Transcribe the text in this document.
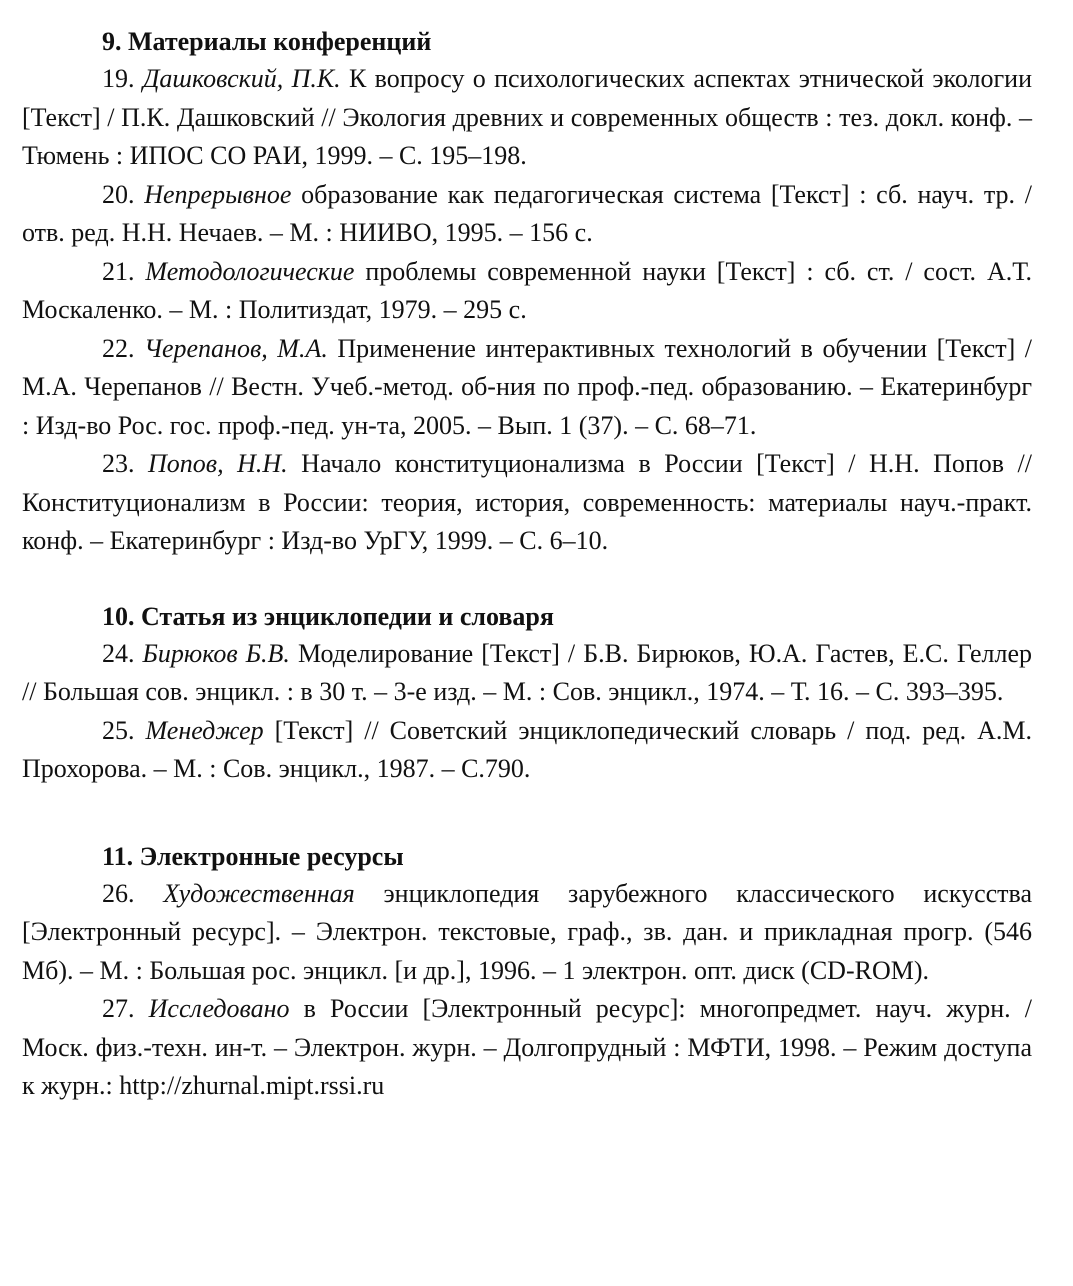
9. Материалы конференций

19. Дашковский, П.К. К вопросу о психологических аспектах этнической экологии [Текст] / П.К. Дашковский // Экология древних и современных обществ : тез. докл. конф. – Тюмень : ИПОС СО РАИ, 1999. – С. 195–198.

20. Непрерывное образование как педагогическая система [Текст] : сб. науч. тр. / отв. ред. Н.Н. Нечаев. – М. : НИИВО, 1995. – 156 с.

21. Методологические проблемы современной науки [Текст] : сб. ст. / сост. А.Т. Москаленко. – М. : Политиздат, 1979. – 295 с.

22. Черепанов, М.А. Применение интерактивных технологий в обучении [Текст] / М.А. Черепанов // Вестн. Учеб.-метод. об-ния по проф.-пед. образованию. – Екатеринбург : Изд-во Рос. гос. проф.-пед. ун-та, 2005. – Вып. 1 (37). – С. 68–71.

23. Попов, Н.Н. Начало конституционализма в России [Текст] / Н.Н. Попов // Конституционализм в России: теория, история, современность: материалы науч.-практ. конф. – Екатеринбург : Изд-во УрГУ, 1999. – С. 6–10.

10. Статья из энциклопедии и словаря

24. Бирюков Б.В. Моделирование [Текст] / Б.В. Бирюков, Ю.А. Гастев, Е.С. Геллер // Большая сов. энцикл. : в 30 т. – 3-е изд. – М. : Сов. энцикл., 1974. – Т. 16. – С. 393–395.

25. Менеджер [Текст] // Советский энциклопедический словарь / под. ред. А.М. Прохорова. – М. : Сов. энцикл., 1987. – С.790.

11. Электронные ресурсы

26. Художественная энциклопедия зарубежного классического искусства [Электронный ресурс]. – Электрон. текстовые, граф., зв. дан. и прикладная прогр. (546 Мб). – М. : Большая рос. энцикл. [и др.], 1996. – 1 электрон. опт. диск (CD-ROM).

27. Исследовано в России [Электронный ресурс]: многопредмет. науч. журн. / Моск. физ.-техн. ин-т. – Электрон. журн. – Долгопрудный : МФТИ, 1998. – Режим доступа к журн.: http://zhurnal.mipt.rssi.ru
